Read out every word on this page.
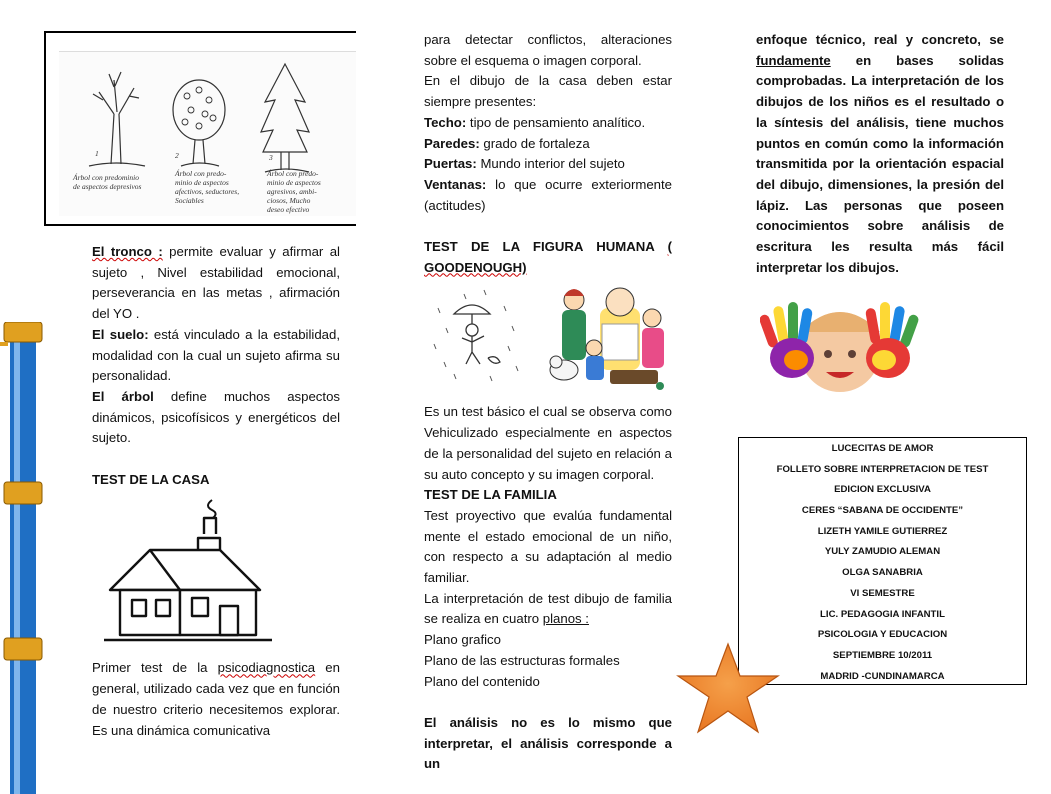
1	2	3
Árbol con predominio
de aspectos depresivos
Árbol con predo-
minio de aspectos
afectivos, seductores,
Sociables
Árbol con predo-
minio de aspectos
agresivos, ambi-
ciosos, Mucho
deseo efectivo

El tronco : permite evaluar y afirmar al sujeto , Nivel estabilidad emocional, perseverancia en las metas , afirmación del YO .

El suelo: está vinculado a la estabilidad, modalidad con la cual un sujeto afirma su personalidad.

El árbol define muchos aspectos dinámicos, psicofísicos y energéticos del sujeto.

TEST DE LA CASA

Primer test de la psicodiagnostica en general, utilizado cada vez que en función de nuestro criterio necesitemos explorar. Es una dinámica comunicativa

para detectar conflictos, alteraciones sobre el esquema o imagen corporal.

En el dibujo de la casa deben estar siempre presentes:

Techo: tipo de pensamiento analítico.

Paredes: grado de fortaleza

Puertas: Mundo interior del sujeto

Ventanas: lo que ocurre exteriormente (actitudes)

TEST DE LA FIGURA HUMANA ( GOODENOUGH)

Es un test básico el cual se observa como Vehiculizado especialmente en aspectos de la personalidad del sujeto en relación a su auto concepto y su imagen corporal.

TEST DE LA FAMILIA

Test proyectivo que evalúa fundamental mente el estado emocional de un niño, con respecto a su adaptación al medio familiar.

La interpretación de test dibujo de familia se realiza en cuatro planos :

Plano grafico

Plano de las estructuras formales

Plano del contenido

El análisis no es lo mismo que interpretar, el análisis corresponde a un

enfoque técnico, real y concreto, se fundamente en bases solidas comprobadas. La interpretación de los dibujos de los niños es el resultado o la síntesis del análisis, tiene muchos puntos en común como la información transmitida por la orientación espacial del dibujo, dimensiones, la presión del lápiz. Las personas que poseen conocimientos sobre análisis de escritura les resulta más fácil interpretar los dibujos.

LUCECITAS DE AMOR
FOLLETO SOBRE INTERPRETACION DE TEST
EDICION EXCLUSIVA
CERES “SABANA DE OCCIDENTE”
LIZETH YAMILE GUTIERREZ
YULY ZAMUDIO ALEMAN
OLGA SANABRIA
VI SEMESTRE
LIC. PEDAGOGIA INFANTIL
PSICOLOGIA Y EDUCACION
SEPTIEMBRE 10/2011
MADRID -CUNDINAMARCA
